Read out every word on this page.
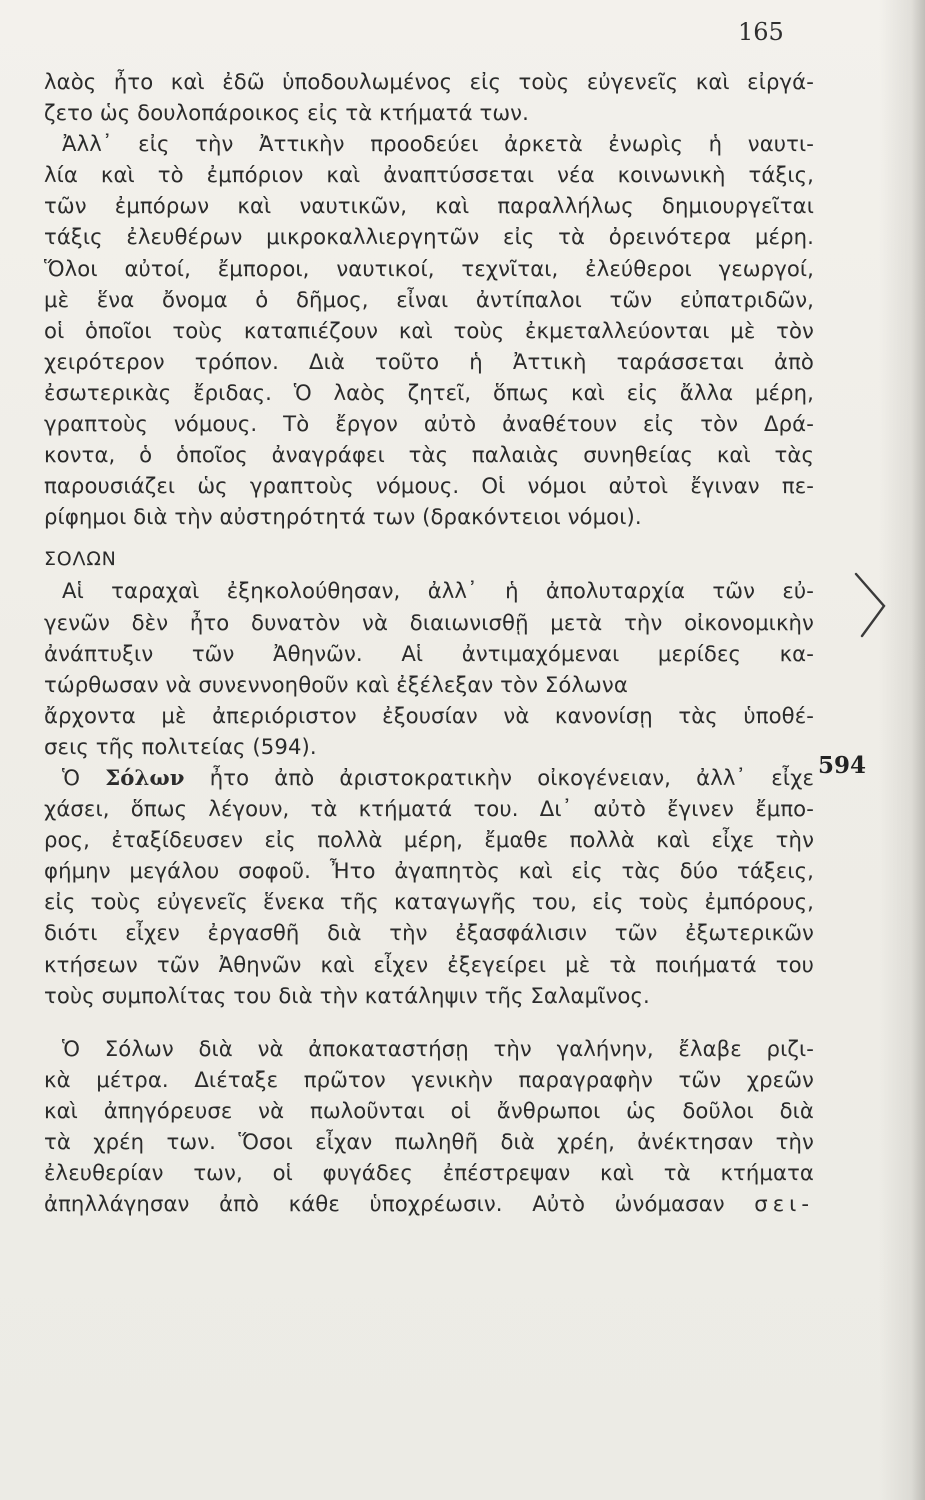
165
594
λαὸς ἦτο καὶ ἐδῶ ὑποδουλωμένος εἰς τοὺς εὐγενεῖς καὶ εἰργά-
ζετο ὡς δουλοπάροικος εἰς τὰ κτήματά των.
Ἀλλ᾽ εἰς τὴν Ἀττικὴν προοδεύει ἀρκετὰ ἐνωρὶς ἡ ναυτι-
λία καὶ τὸ ἐμπόριον καὶ ἀναπτύσσεται νέα κοινωνικὴ τάξις,
τῶν ἐμπόρων καὶ ναυτικῶν, καὶ παραλλήλως δημιουργεῖται
τάξις ἐλευθέρων μικροκαλλιεργητῶν εἰς τὰ ὀρεινότερα μέρη.
Ὅλοι αὐτοί, ἔμποροι, ναυτικοί, τεχνῖται, ἐλεύθεροι γεωργοί,
μὲ ἕνα ὄνομα ὁ δῆμος, εἶναι ἀντίπαλοι τῶν εὐπατριδῶν,
οἱ ὁποῖοι τοὺς καταπιέζουν καὶ τοὺς ἐκμεταλλεύονται μὲ τὸν
χειρότερον τρόπον. Διὰ τοῦτο ἡ Ἀττικὴ ταράσσεται ἀπὸ
ἐσωτερικὰς ἔριδας. Ὁ λαὸς ζητεῖ, ὅπως καὶ εἰς ἄλλα μέρη,
γραπτοὺς νόμους. Τὸ ἔργον αὐτὸ ἀναθέτουν εἰς τὸν Δρά-
κοντα, ὁ ὁποῖος ἀναγράφει τὰς παλαιὰς συνηθείας καὶ τὰς
παρουσιάζει ὡς γραπτοὺς νόμους. Οἱ νόμοι αὐτοὶ ἔγιναν πε-
ρίφημοι διὰ τὴν αὐστηρότητά των (δρακόντειοι νόμοι).
ΣΟΛΩΝ
Αἱ ταραχαὶ ἐξηκολούθησαν, ἀλλ᾽ ἡ ἀπολυταρχία τῶν εὐ-
γενῶν δὲν ἦτο δυνατὸν νὰ διαιωνισθῇ μετὰ τὴν οἰκονομικὴν
ἀνάπτυξιν τῶν Ἀθηνῶν. Αἱ ἀντιμαχόμεναι μερίδες κα-
τώρθωσαν νὰ συνεννοηθοῦν καὶ ἐξέλεξαν τὸν Σόλωνα
ἄρχοντα μὲ ἀπεριόριστον ἐξουσίαν νὰ κανονίσῃ τὰς ὑποθέ-
σεις τῆς πολιτείας (594).
Ὁ Σόλων ἦτο ἀπὸ ἀριστοκρατικὴν οἰκογένειαν, ἀλλ᾽ εἶχε
χάσει, ὅπως λέγουν, τὰ κτήματά του. Δι᾽ αὐτὸ ἔγινεν ἔμπο-
ρος, ἐταξίδευσεν εἰς πολλὰ μέρη, ἔμαθε πολλὰ καὶ εἶχε τὴν
φήμην μεγάλου σοφοῦ. Ἦτο ἀγαπητὸς καὶ εἰς τὰς δύο τάξεις,
εἰς τοὺς εὐγενεῖς ἕνεκα τῆς καταγωγῆς του, εἰς τοὺς ἐμπόρους,
διότι εἶχεν ἐργασθῆ διὰ τὴν ἐξασφάλισιν τῶν ἐξωτερικῶν
κτήσεων τῶν Ἀθηνῶν καὶ εἶχεν ἐξεγείρει μὲ τὰ ποιήματά του
τοὺς συμπολίτας του διὰ τὴν κατάληψιν τῆς Σαλαμῖνος.
Ὁ Σόλων διὰ νὰ ἀποκαταστήσῃ τὴν γαλήνην, ἔλαβε ριζι-
κὰ μέτρα. Διέταξε πρῶτον γενικὴν παραγραφὴν τῶν χρεῶν
καὶ ἀπηγόρευσε νὰ πωλοῦνται οἱ ἄνθρωποι ὡς δοῦλοι διὰ
τὰ χρέη των. Ὅσοι εἶχαν πωληθῆ διὰ χρέη, ἀνέκτησαν τὴν
ἐλευθερίαν των, οἱ φυγάδες ἐπέστρεψαν καὶ τὰ κτήματα
ἀπηλλάγησαν ἀπὸ κάθε ὑποχρέωσιν. Αὐτὸ ὠνόμασαν σει-
